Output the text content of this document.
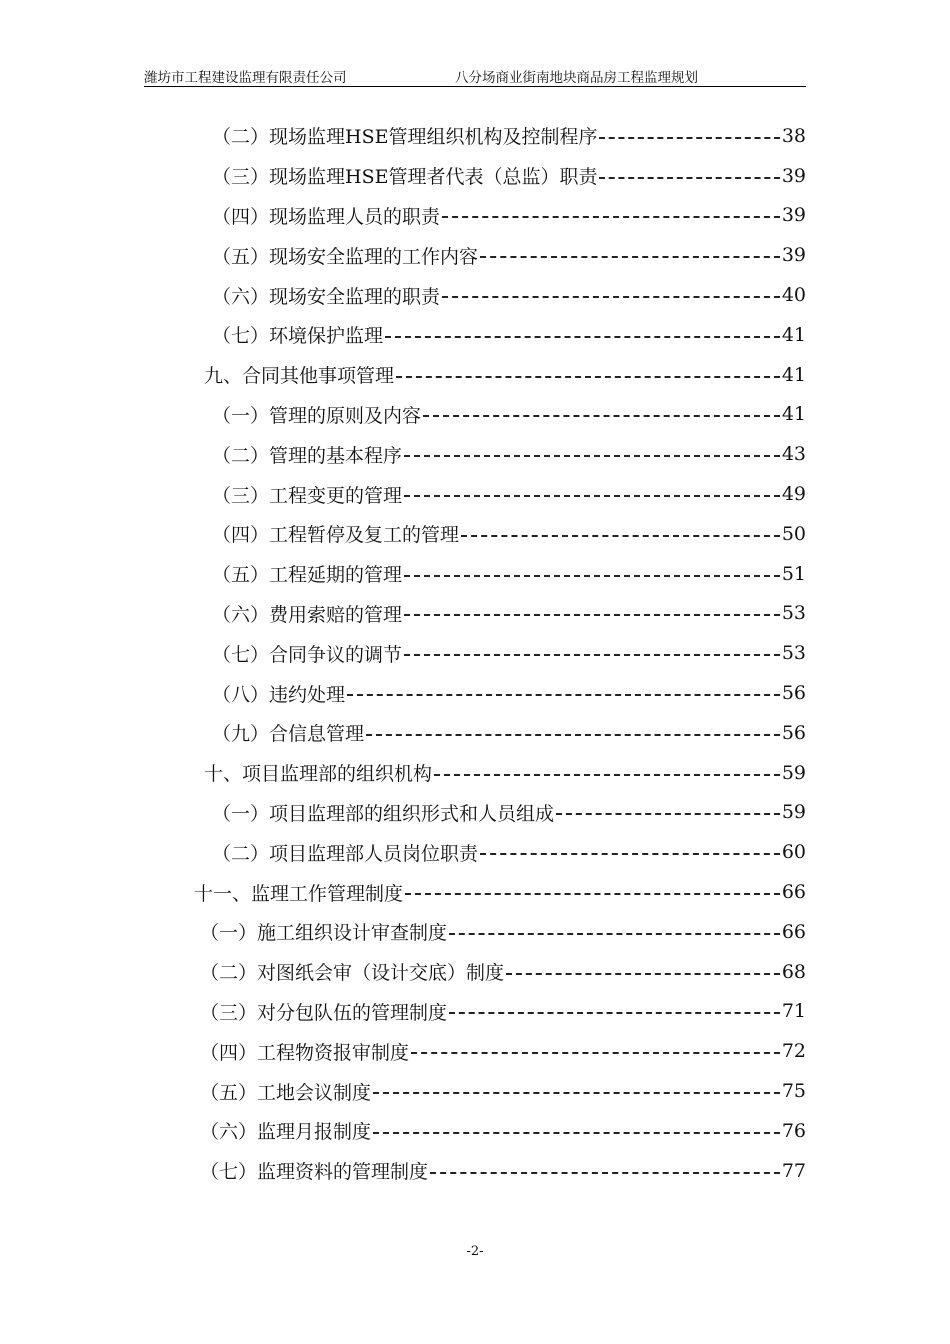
潍坊市工程建设监理有限责任公司	八分场商业街南地块商品房工程监理规划
（二）现场监理HSE管理组织机构及控制程序	38
（三）现场监理HSE管理者代表（总监）职责	39
（四）现场监理人员的职责	39
（五）现场安全监理的工作内容	39
（六）现场安全监理的职责	40
（七）环境保护监理	41
九、合同其他事项管理	41
（一）管理的原则及内容	41
（二）管理的基本程序	43
（三）工程变更的管理	49
（四）工程暂停及复工的管理	50
（五）工程延期的管理	51
（六）费用索赔的管理	53
（七）合同争议的调节	53
（八）违约处理	56
（九）合信息管理	56
十、项目监理部的组织机构	59
（一）项目监理部的组织形式和人员组成	59
（二）项目监理部人员岗位职责	60
十一、监理工作管理制度	66
（一）施工组织设计审查制度	66
（二）对图纸会审（设计交底）制度	68
（三）对分包队伍的管理制度	71
（四）工程物资报审制度	72
（五）工地会议制度	75
（六）监理月报制度	76
（七）监理资料的管理制度	77
-2-
